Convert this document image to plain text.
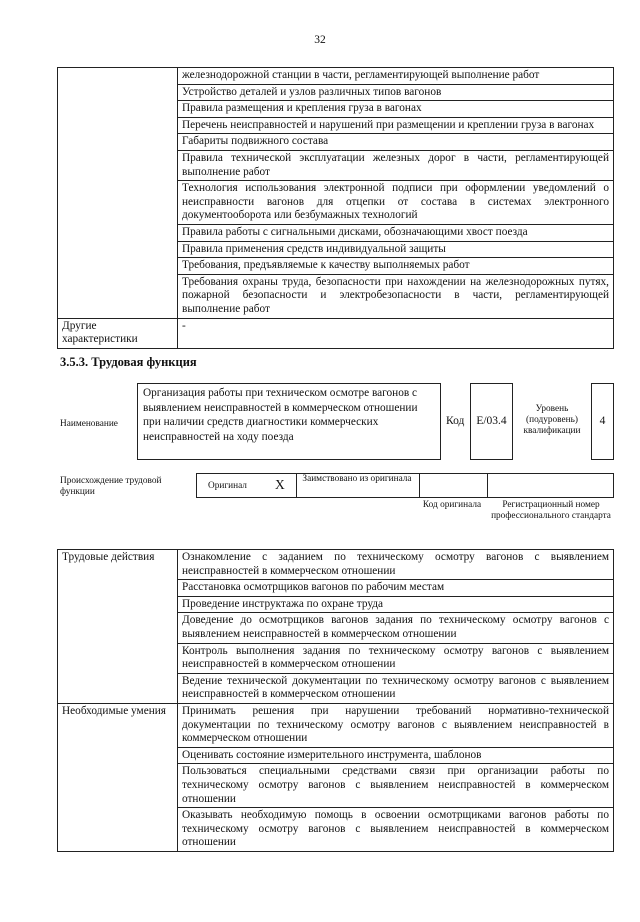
32
	железнодорожной станции в части, регламентирующей выполнение работ
	Устройство деталей и узлов различных типов вагонов
	Правила размещения и крепления груза в вагонах
	Перечень неисправностей и нарушений при размещении и креплении груза в вагонах
	Габариты подвижного состава
	Правила технической эксплуатации железных дорог в части, регламентирующей выполнение работ
	Технология использования электронной подписи при оформлении уведомлений о неисправности вагонов для отцепки от состава в системах электронного документооборота или безбумажных технологий
	Правила работы с сигнальными дисками, обозначающими хвост поезда
	Правила применения средств индивидуальной защиты
	Требования, предъявляемые к качеству выполняемых работ
	Требования охраны труда, безопасности при нахождении на железнодорожных путях, пожарной безопасности и электробезопасности в части, регламентирующей выполнение работ
Другие характеристики	-
3.5.3. Трудовая функция
Наименование
Организация работы при техническом осмотре вагонов с выявлением неисправностей в коммерческом отношении при наличии средств диагностики коммерческих неисправностей на ходу поезда
Код	Е/03.4
Уровень (подуровень) квалификации
4
Происхождение трудовой функции
Оригинал X	Заимствовано из оригинала
Код оригинала	Регистрационный номер профессионального стандарта
Трудовые действия	Ознакомление с заданием по техническому осмотру вагонов с выявлением неисправностей в коммерческом отношении
	Расстановка осмотрщиков вагонов по рабочим местам
	Проведение инструктажа по охране труда
	Доведение до осмотрщиков вагонов задания по техническому осмотру вагонов с выявлением неисправностей в коммерческом отношении
	Контроль выполнения задания по техническому осмотру вагонов с выявлением неисправностей в коммерческом отношении
	Ведение технической документации по техническому осмотру вагонов с выявлением неисправностей в коммерческом отношении
Необходимые умения	Принимать решения при нарушении требований нормативно-технической документации по техническому осмотру вагонов с выявлением неисправностей в коммерческом отношении
	Оценивать состояние измерительного инструмента, шаблонов
	Пользоваться специальными средствами связи при организации работы по техническому осмотру вагонов с выявлением неисправностей в коммерческом отношении
	Оказывать необходимую помощь в освоении осмотрщиками вагонов работы по техническому осмотру вагонов с выявлением неисправностей в коммерческом отношении
